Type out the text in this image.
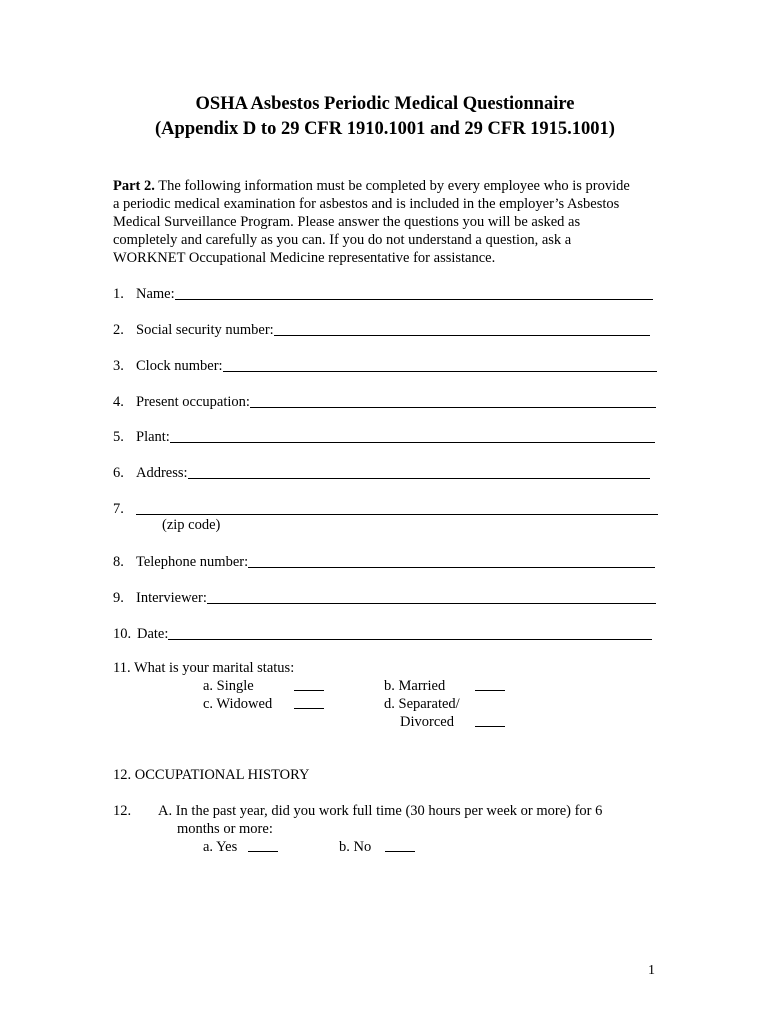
OSHA Asbestos Periodic Medical Questionnaire
(Appendix D to 29 CFR 1910.1001 and 29 CFR 1915.1001)
Part 2. The following information must be completed by every employee who is provide
a periodic medical examination for asbestos and is included in the employer’s Asbestos
Medical Surveillance Program. Please answer the questions you will be asked as
completely and carefully as you can. If you do not understand a question, ask a
WORKNET Occupational Medicine representative for assistance.
1. Name:
2. Social security number:
3. Clock number:
4. Present occupation:
5. Plant:
6. Address:
7.
(zip code)
8. Telephone number:
9. Interviewer:
10. Date:
11. What is your marital status:
a. Single	b. Married
c. Widowed	d. Separated/
Divorced
12. OCCUPATIONAL HISTORY
12. A. In the past year, did you work full time (30 hours per week or more) for 6
months or more:
a. Yes	b. No
1
